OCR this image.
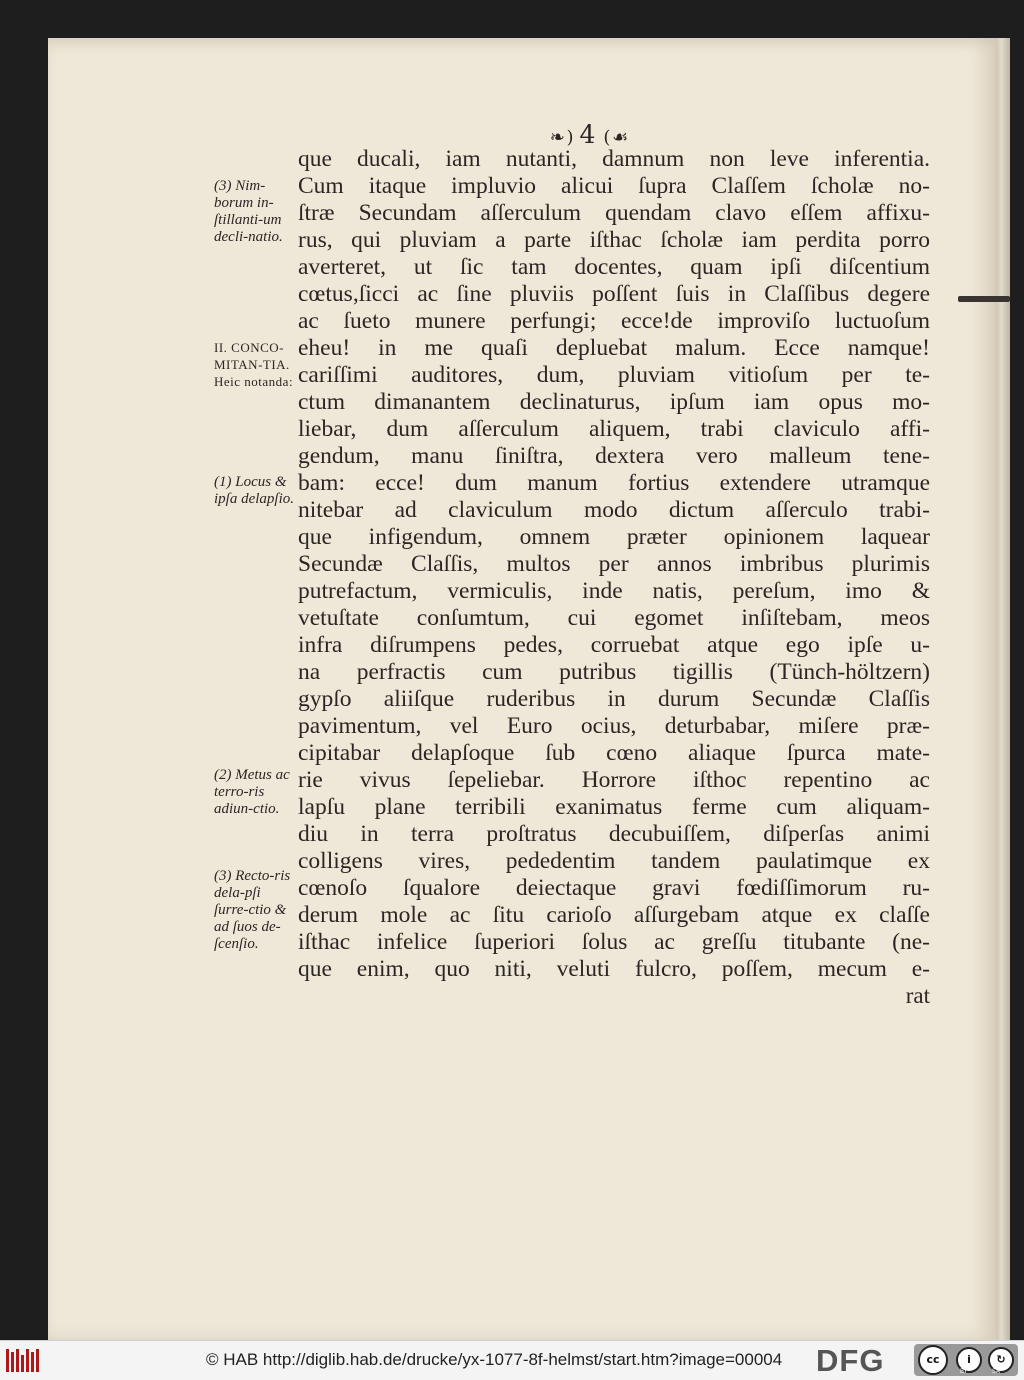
❧ ) 4 ( ☙
que ducali, iam nutanti, damnum non leve inferentia.
Cum itaque impluvio alicui ſupra Claſſem ſcholæ no-
ſtræ Secundam aſſerculum quendam clavo eſſem affixu-
rus, qui pluviam a parte iſthac ſcholæ iam perdita porro
averteret, ut ſic tam docentes, quam ipſi diſcentium
cœtus,ſicci ac ſine pluviis poſſent ſuis in Claſſibus degere
ac ſueto munere perfungi; ecce!de improviſo luctuoſum
eheu! in me quaſi depluebat malum. Ecce namque!
cariſſimi auditores, dum, pluviam vitioſum per te-
ctum dimanantem declinaturus, ipſum iam opus mo-
liebar, dum aſſerculum aliquem, trabi claviculo affi-
gendum, manu ſiniſtra, dextera vero malleum tene-
bam: ecce! dum manum fortius extendere utramque
nitebar ad claviculum modo dictum aſſerculo trabi-
que infigendum, omnem præter opinionem laquear
Secundæ Claſſis, multos per annos imbribus plurimis
putrefactum, vermiculis, inde natis, pereſum, imo &
vetuſtate conſumtum, cui egomet inſiſtebam, meos
infra diſrumpens pedes, corruebat atque ego ipſe u-
na perfractis cum putribus tigillis (Tünch-höltzern)
gypſo aliiſque ruderibus in durum Secundæ Claſſis
pavimentum, vel Euro ocius, deturbabar, miſere præ-
cipitabar delapſoque ſub cœno aliaque ſpurca mate-
rie vivus ſepeliebar. Horrore iſthoc repentino ac
lapſu plane terribili exanimatus ferme cum aliquam-
diu in terra proſtratus decubuiſſem, diſperſas animi
colligens vires, pededentim tandem paulatimque ex
cœnoſo ſqualore deiectaque gravi fœdiſſimorum ru-
derum mole ac ſitu carioſo aſſurgebam atque ex claſſe
iſthac infelice ſuperiori ſolus ac greſſu titubante (ne-
que enim, quo niti, veluti fulcro, poſſem, mecum e-
rat
(3) Nim-borum in-ſtillanti-um decli-natio.
II. CONCO-MITAN-TIA. Heic notanda:
(1) Locus & ipſa delapſio.
(2) Metus ac terro-ris adiun-ctio.
(3) Recto-ris dela-pſi ſurre-ctio & ad ſuos de-ſcenſio.
© HAB http://diglib.hab.de/drucke/yx-1077-8f-helmst/start.htm?image=00004	DFG	cc	i	↻
BY	SA
